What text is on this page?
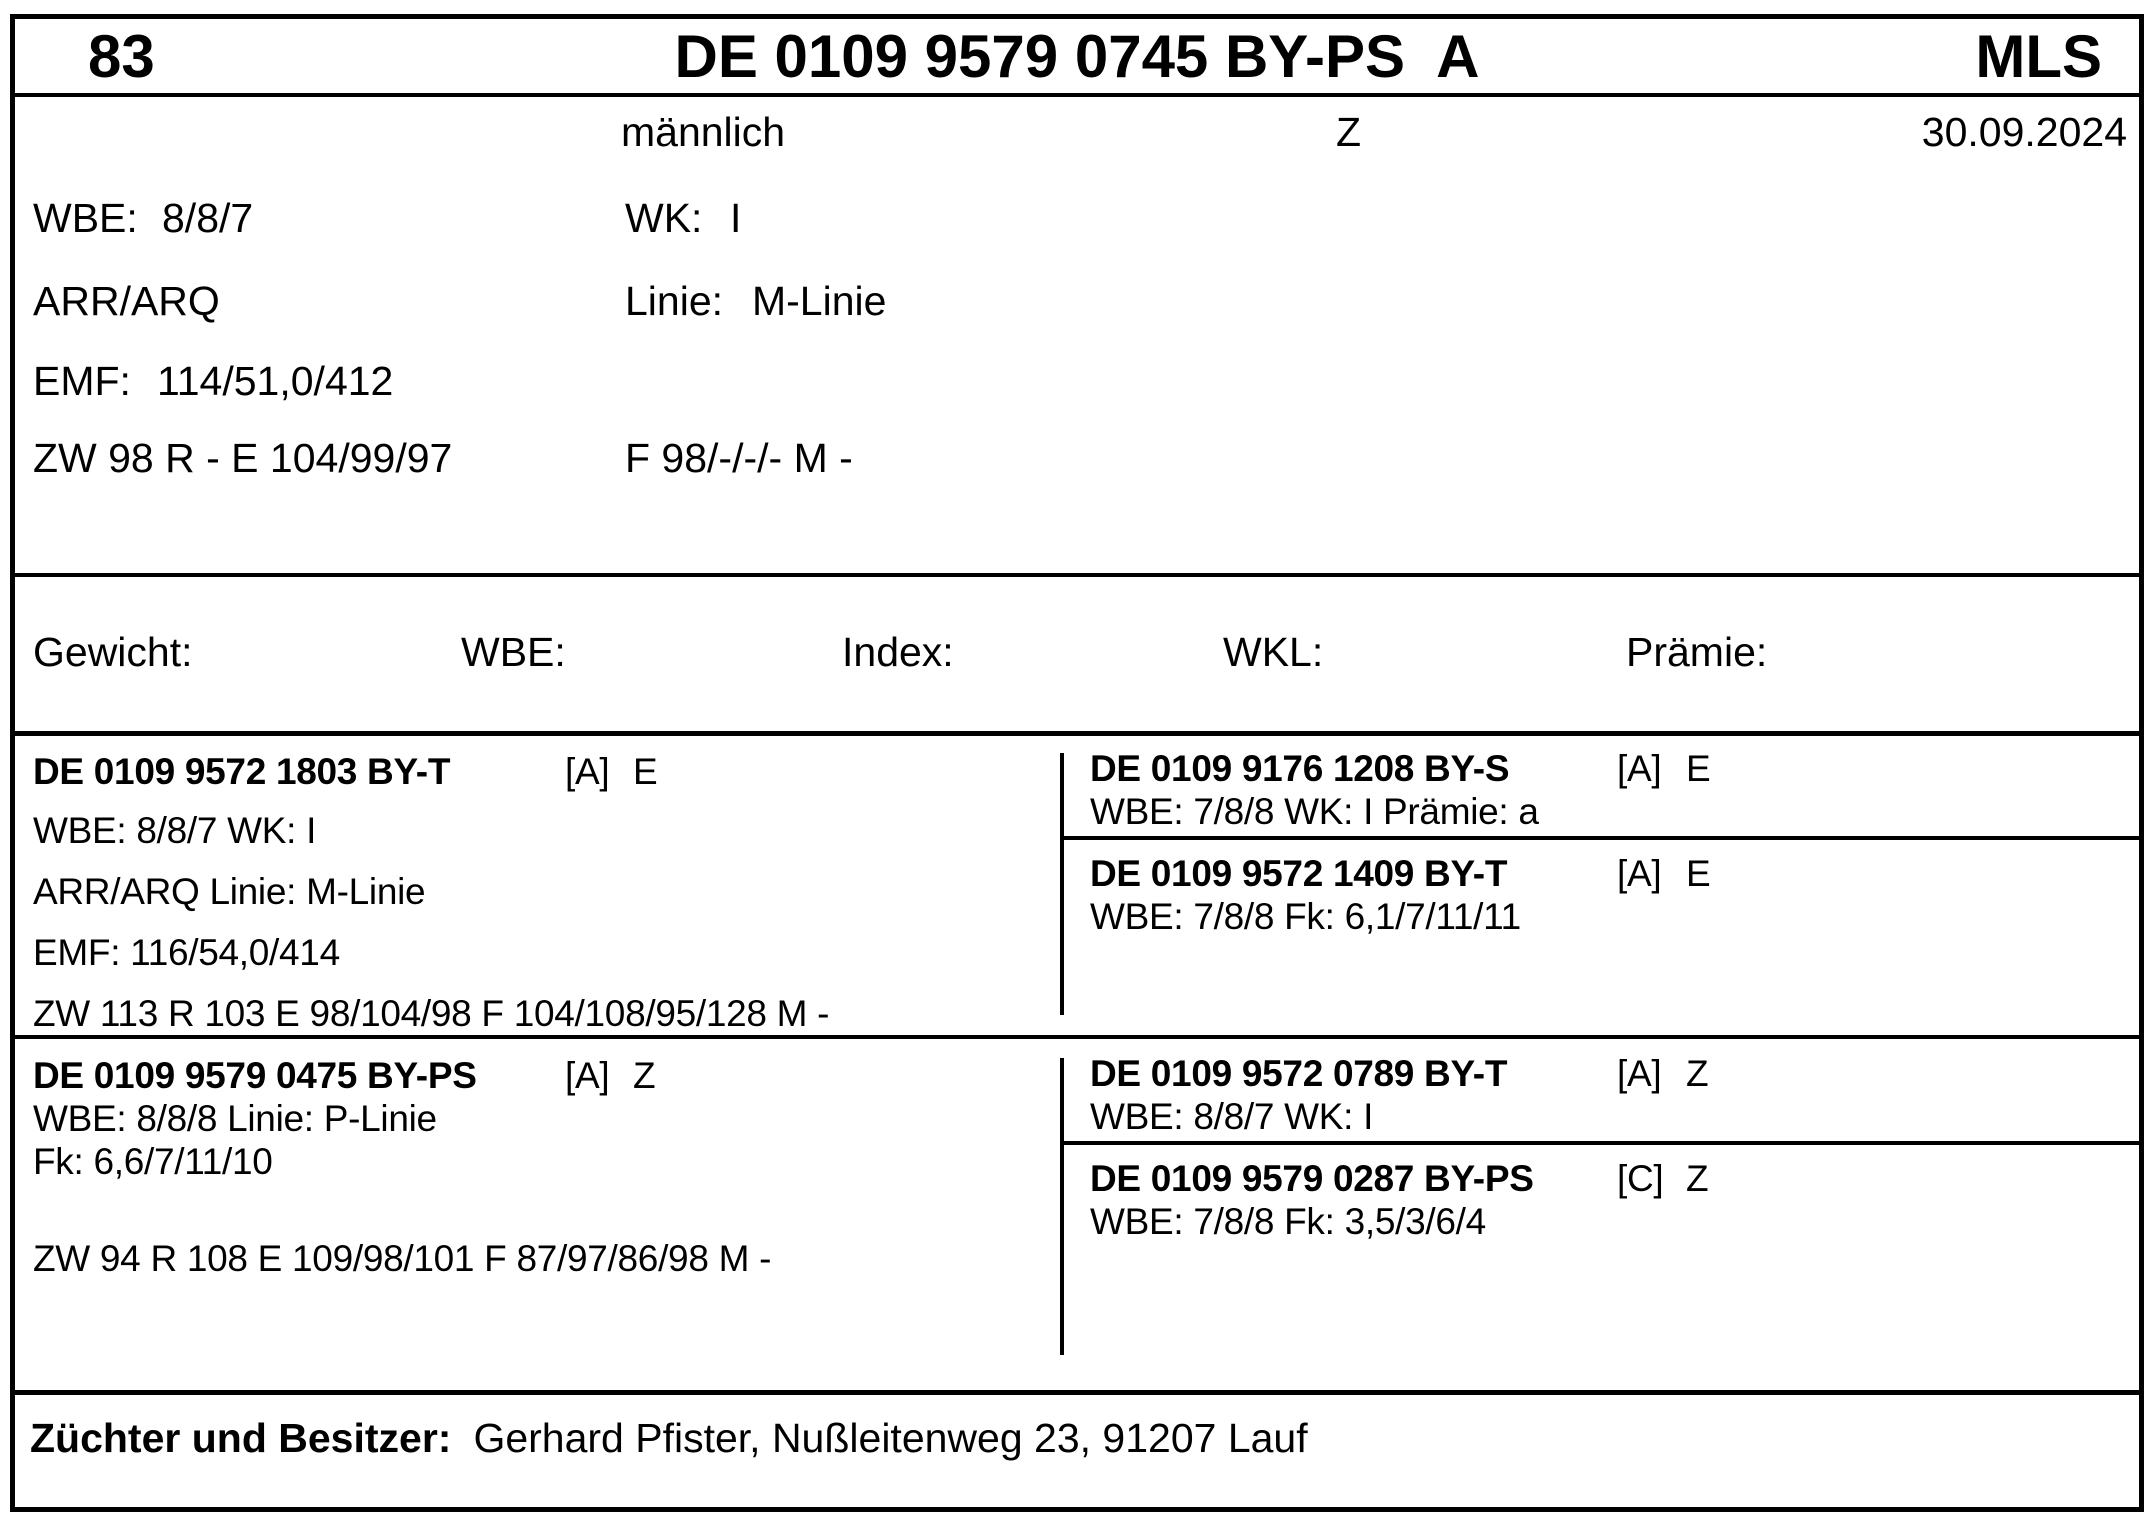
83	DE 0109 9579 0745 BY-PS  A	MLS
männlich	Z	30.09.2024
WBE: 8/8/7	WK: I
ARR/ARQ	Linie: M-Linie
EMF: 114/51,0/412
ZW 98 R - E 104/99/97	F 98/-/-/- M -
Gewicht:	WBE:	Index:	WKL:	Prämie:
DE 0109 9572 1803 BY-T	[A] E
WBE: 8/8/7 WK: I
ARR/ARQ Linie: M-Linie
EMF: 116/54,0/414
ZW 113 R 103 E 98/104/98 F 104/108/95/128 M -
DE 0109 9176 1208 BY-S	[A] E
WBE: 7/8/8 WK: I Prämie: a
DE 0109 9572 1409 BY-T	[A] E
WBE: 7/8/8 Fk: 6,1/7/11/11
DE 0109 9579 0475 BY-PS [A] Z
WBE: 8/8/8 Linie: P-Linie
Fk: 6,6/7/11/10
ZW 94 R 108 E 109/98/101 F 87/97/86/98 M -
DE 0109 9572 0789 BY-T	[A] Z
WBE: 8/8/7 WK: I
DE 0109 9579 0287 BY-PS [C] Z
WBE: 7/8/8 Fk: 3,5/3/6/4
Züchter und Besitzer: Gerhard Pfister, Nußleitenweg 23, 91207 Lauf
